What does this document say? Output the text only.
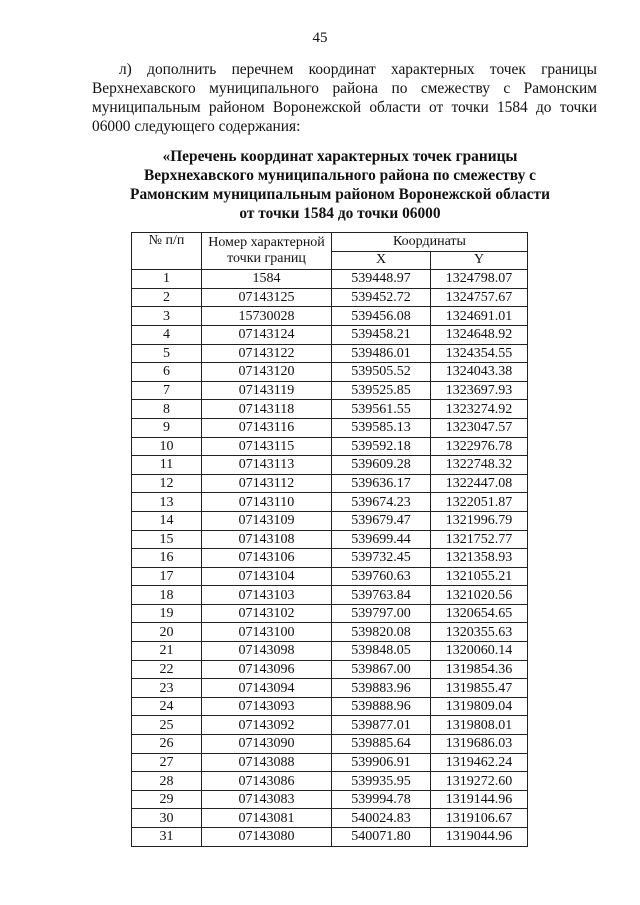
45

л) дополнить перечнем координат характерных точек границы Верхнехавского муниципального района по смежеству с Рамонским муниципальным районом Воронежской области от точки 1584 до точки 06000 следующего содержания:

«Перечень координат характерных точек границы
Верхнехавского муниципального района по смежеству с
Рамонским муниципальным районом Воронежской области
от точки 1584 до точки 06000
№ п/п	Номер характерной точки границ	Координаты	
		X	Y
1	1584	539448.97	1324798.07
2	07143125	539452.72	1324757.67
3	15730028	539456.08	1324691.01
4	07143124	539458.21	1324648.92
5	07143122	539486.01	1324354.55
6	07143120	539505.52	1324043.38
7	07143119	539525.85	1323697.93
8	07143118	539561.55	1323274.92
9	07143116	539585.13	1323047.57
10	07143115	539592.18	1322976.78
11	07143113	539609.28	1322748.32
12	07143112	539636.17	1322447.08
13	07143110	539674.23	1322051.87
14	07143109	539679.47	1321996.79
15	07143108	539699.44	1321752.77
16	07143106	539732.45	1321358.93
17	07143104	539760.63	1321055.21
18	07143103	539763.84	1321020.56
19	07143102	539797.00	1320654.65
20	07143100	539820.08	1320355.63
21	07143098	539848.05	1320060.14
22	07143096	539867.00	1319854.36
23	07143094	539883.96	1319855.47
24	07143093	539888.96	1319809.04
25	07143092	539877.01	1319808.01
26	07143090	539885.64	1319686.03
27	07143088	539906.91	1319462.24
28	07143086	539935.95	1319272.60
29	07143083	539994.78	1319144.96
30	07143081	540024.83	1319106.67
31	07143080	540071.80	1319044.96
